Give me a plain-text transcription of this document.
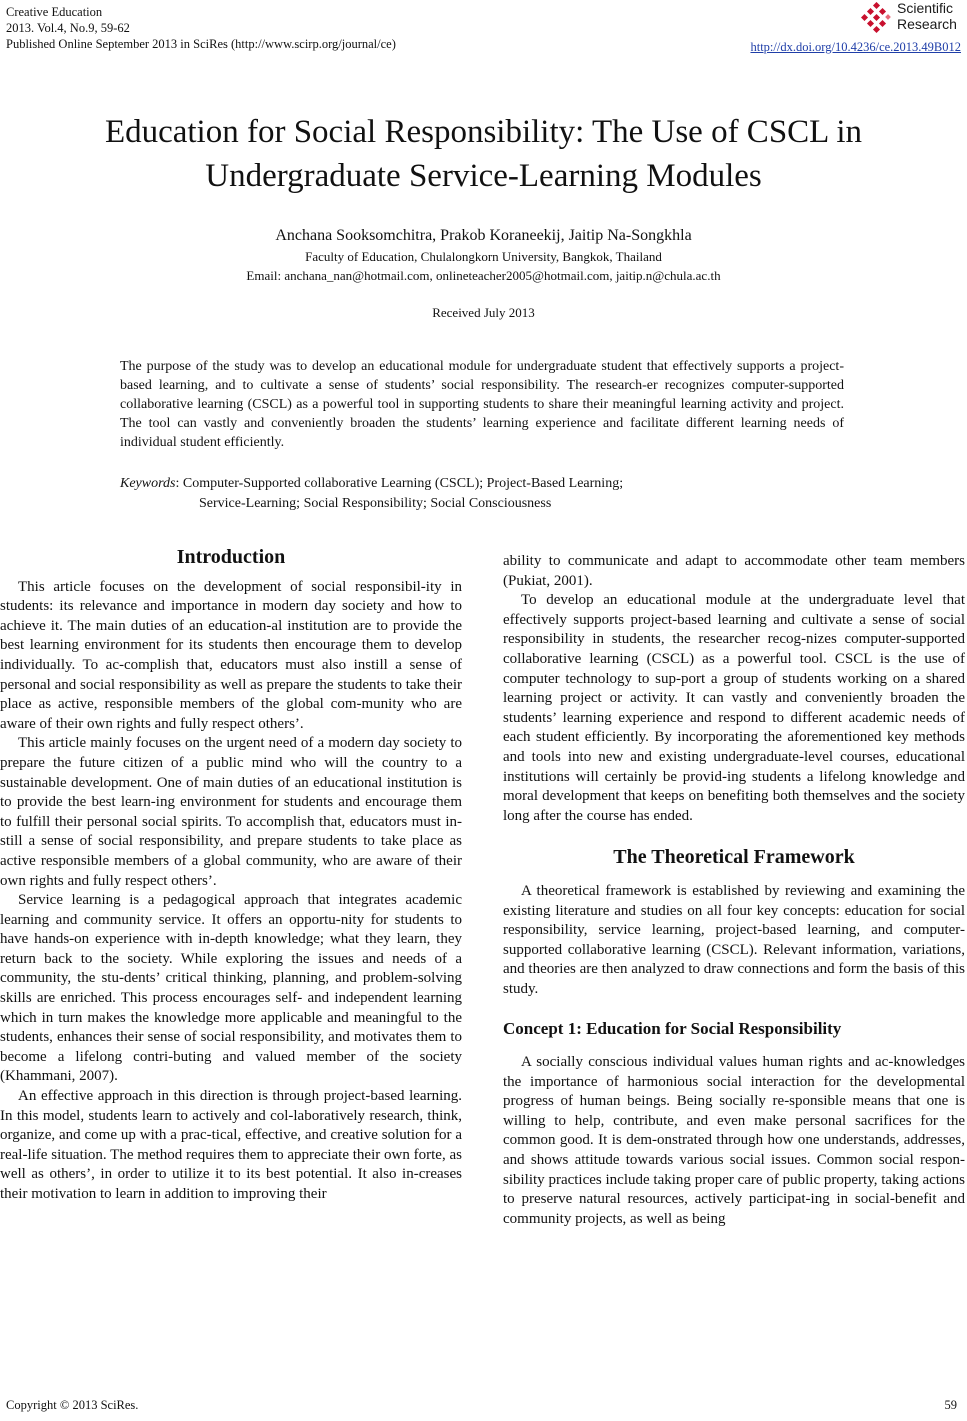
Creative Education
2013. Vol.4, No.9, 59-62
Published Online September 2013 in SciRes (http://www.scirp.org/journal/ce)
Scientific
Research
http://dx.doi.org/10.4236/ce.2013.49B012
Education for Social Responsibility: The Use of CSCL in
Undergraduate Service-Learning Modules
Anchana Sooksomchitra, Prakob Koraneekij, Jaitip Na-Songkhla
Faculty of Education, Chulalongkorn University, Bangkok, Thailand
Email: anchana_nan@hotmail.com, onlineteacher2005@hotmail.com, jaitip.n@chula.ac.th
Received July 2013
The purpose of the study was to develop an educational module for undergraduate student that effectively supports a project-based learning, and to cultivate a sense of students’ social responsibility. The research-er recognizes computer-supported collaborative learning (CSCL) as a powerful tool in supporting students to share their meaningful learning activity and project. The tool can vastly and conveniently broaden the students’ learning experience and facilitate different learning needs of individual student efficiently.
Keywords: Computer-Supported collaborative Learning (CSCL); Project-Based Learning;
Service-Learning; Social Responsibility; Social Consciousness
Introduction

This article focuses on the development of social responsibil-ity in students: its relevance and importance in modern day society and how to achieve it. The main duties of an education-al institution are to provide the best learning environment for its students then encourage them to develop individually. To ac-complish that, educators must also instill a sense of personal and social responsibility as well as prepare the students to take their place as active, responsible members of the global com-munity who are aware of their own rights and fully respect others’.

This article mainly focuses on the urgent need of a modern day society to prepare the future citizen of a public mind who will the country to a sustainable development. One of main duties of an educational institution is to provide the best learn-ing environment for students and encourage them to fulfill their personal social spirits. To accomplish that, educators must in-still a sense of social responsibility, and prepare students to take place as active responsible members of a global community, who are aware of their own rights and fully respect others’.

Service learning is a pedagogical approach that integrates academic learning and community service. It offers an opportu-nity for students to have hands-on experience with in-depth knowledge; what they learn, they return back to the society. While exploring the issues and needs of a community, the stu-dents’ critical thinking, planning, and problem-solving skills are enriched. This process encourages self- and independent learning which in turn makes the knowledge more applicable and meaningful to the students, enhances their sense of social responsibility, and motivates them to become a lifelong contri-buting and valued member of the society (Khammani, 2007).

An effective approach in this direction is through project-based learning. In this model, students learn to actively and col-laboratively research, think, organize, and come up with a prac-tical, effective, and creative solution for a real-life situation. The method requires them to appreciate their own forte, as well as others’, in order to utilize it to its best potential. It also in-creases their motivation to learn in addition to improving their

ability to communicate and adapt to accommodate other team members (Pukiat, 2001).

To develop an educational module at the undergraduate level that effectively supports project-based learning and cultivate a sense of social responsibility in students, the researcher recog-nizes computer-supported collaborative learning (CSCL) as a powerful tool. CSCL is the use of computer technology to sup-port a group of students working on a shared learning project or activity. It can vastly and conveniently broaden the students’ learning experience and respond to different academic needs of each student efficiently. By incorporating the aforementioned key methods and tools into new and existing undergraduate-level courses, educational institutions will certainly be provid-ing students a lifelong knowledge and moral development that keeps on benefiting both themselves and the society long after the course has ended.

The Theoretical Framework

A theoretical framework is established by reviewing and examining the existing literature and studies on all four key concepts: education for social responsibility, service learning, project-based learning, and computer-supported collaborative learning (CSCL). Relevant information, variations, and theories are then analyzed to draw connections and form the basis of this study.

Concept 1: Education for Social Responsibility

A socially conscious individual values human rights and ac-knowledges the importance of harmonious social interaction for the developmental progress of human beings. Being socially re-sponsible means that one is willing to help, contribute, and even make personal sacrifices for the common good. It is dem-onstrated through how one understands, addresses, and shows attitude towards various social issues. Common social respon-sibility practices include taking proper care of public property, taking actions to preserve natural resources, actively participat-ing in social-benefit and community projects, as well as being

Copyright © 2013 SciRes.	59
